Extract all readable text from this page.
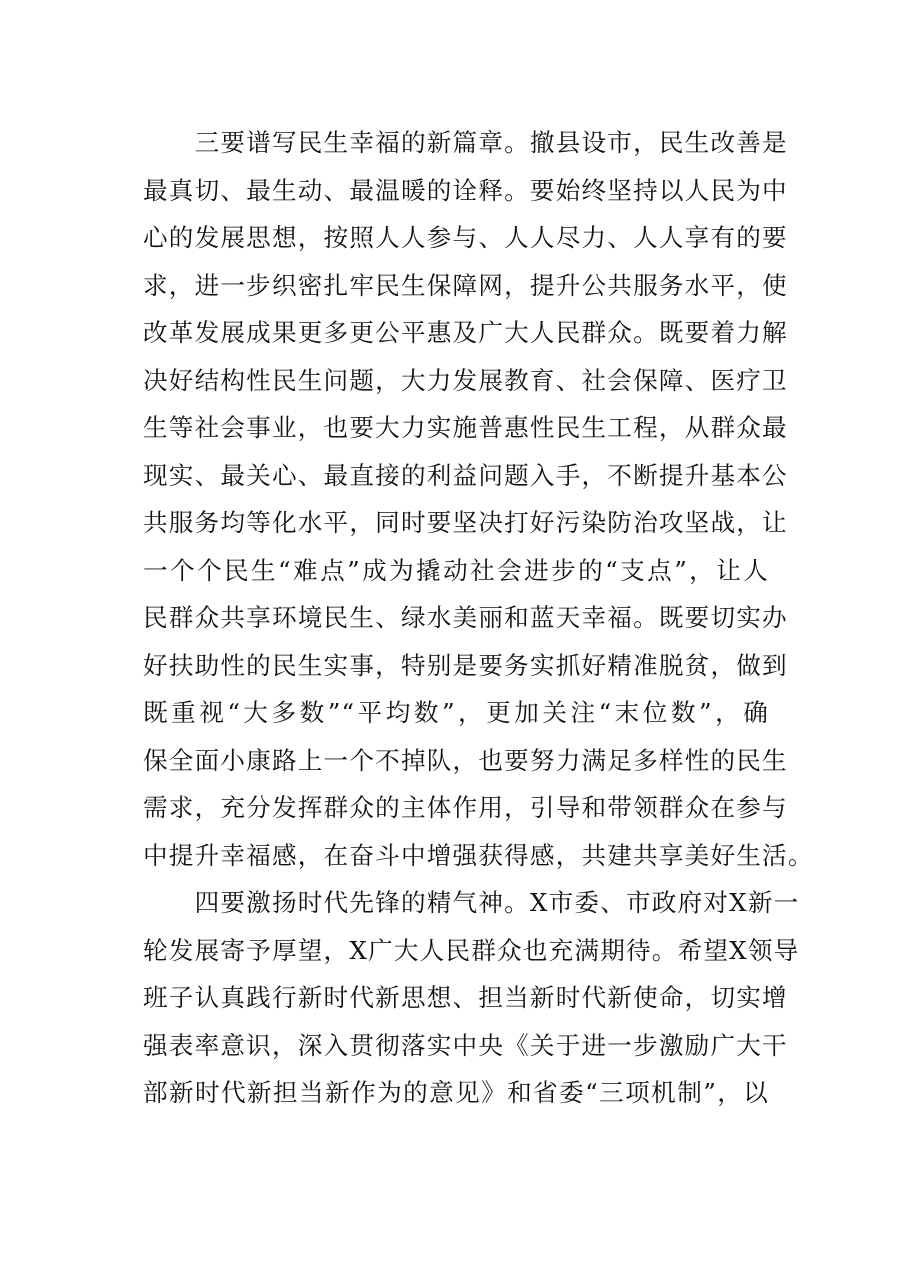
　　三要谱写民生幸福的新篇章。撤县设市，民生改善是
最真切、最生动、最温暖的诠释。要始终坚持以人民为中
心的发展思想，按照人人参与、人人尽力、人人享有的要
求，进一步织密扎牢民生保障网，提升公共服务水平，使
改革发展成果更多更公平惠及广大人民群众。既要着力解
决好结构性民生问题，大力发展教育、社会保障、医疗卫
生等社会事业，也要大力实施普惠性民生工程，从群众最
现实、最关心、最直接的利益问题入手，不断提升基本公
共服务均等化水平，同时要坚决打好污染防治攻坚战，让
一个个民生“难点”成为撬动社会进步的“支点”，让人
民群众共享环境民生、绿水美丽和蓝天幸福。既要切实办
好扶助性的民生实事，特别是要务实抓好精准脱贫，做到
既重视“大多数”“平均数”，更加关注“末位数”，确
保全面小康路上一个不掉队，也要努力满足多样性的民生
需求，充分发挥群众的主体作用，引导和带领群众在参与
中提升幸福感，在奋斗中增强获得感，共建共享美好生活。
　　四要激扬时代先锋的精气神。X市委、市政府对X新一
轮发展寄予厚望，X广大人民群众也充满期待。希望X领导
班子认真践行新时代新思想、担当新时代新使命，切实增
强表率意识，深入贯彻落实中央《关于进一步激励广大干
部新时代新担当新作为的意见》和省委“三项机制”，以
